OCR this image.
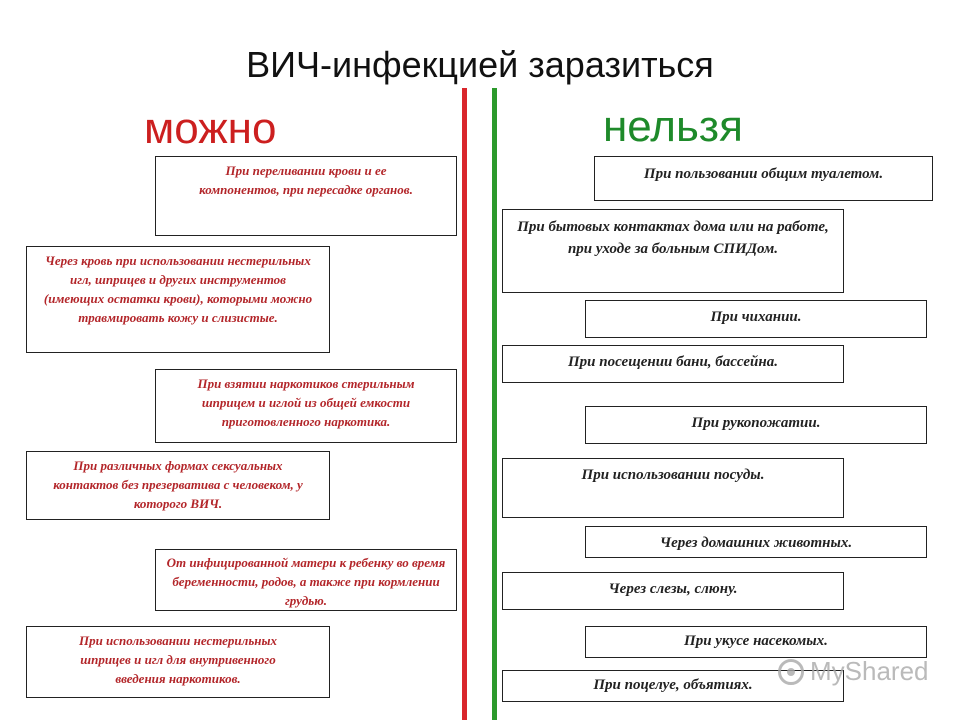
ВИЧ-инфекцией заразиться
можно	нельзя
При переливании крови и ее компонентов, при пересадке органов.
Через кровь при использовании нестерильных игл, шприцев и других инструментов (имеющих остатки крови), которыми можно травмировать кожу и слизистые.
При взятии наркотиков стерильным шприцем и иглой из общей емкости приготовленного наркотика.
При различных формах сексуальных контактов без презерватива с человеком, у которого ВИЧ.
От инфицированной матери к ребенку во время беременности, родов, а также при кормлении грудью.
При использовании нестерильных шприцев и игл для внутривенного введения наркотиков.
При пользовании общим туалетом.
При бытовых контактах дома или на работе, при уходе за больным СПИДом.
При чихании.
При посещении бани, бассейна.
При рукопожатии.
При использовании посуды.
Через домашних животных.
Через слезы, слюну.
При укусе насекомых.
При поцелуе, объятиях.	MyShared
